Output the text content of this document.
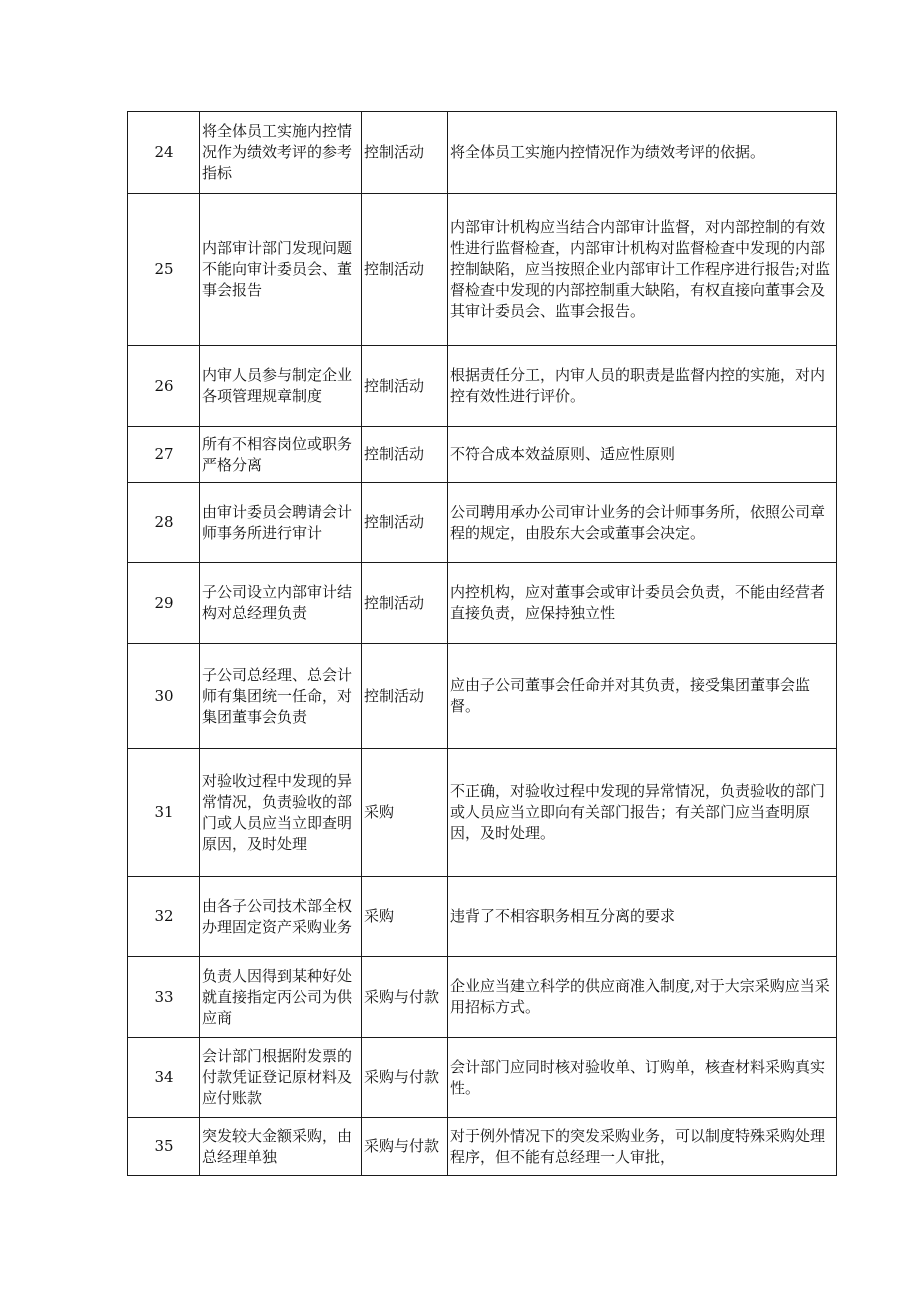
24	将全体员工实施内控情况作为绩效考评的参考指标	控制活动	将全体员工实施内控情况作为绩效考评的依据。
25	内部审计部门发现问题不能向审计委员会、董事会报告	控制活动	内部审计机构应当结合内部审计监督，对内部控制的有效性进行监督检查，内部审计机构对监督检查中发现的内部控制缺陷，应当按照企业内部审计工作程序进行报告;对监督检查中发现的内部控制重大缺陷，有权直接向董事会及其审计委员会、监事会报告。
26	内审人员参与制定企业各项管理规章制度	控制活动	根据责任分工，内审人员的职责是监督内控的实施，对内控有效性进行评价。
27	所有不相容岗位或职务严格分离	控制活动	不符合成本效益原则、适应性原则
28	由审计委员会聘请会计师事务所进行审计	控制活动	公司聘用承办公司审计业务的会计师事务所，依照公司章程的规定，由股东大会或董事会决定。
29	子公司设立内部审计结构对总经理负责	控制活动	内控机构，应对董事会或审计委员会负责，不能由经营者直接负责，应保持独立性
30	子公司总经理、总会计师有集团统一任命，对集团董事会负责	控制活动	应由子公司董事会任命并对其负责，接受集团董事会监督。
31	对验收过程中发现的异常情况，负责验收的部门或人员应当立即查明原因，及时处理	采购	不正确，对验收过程中发现的异常情况，负责验收的部门或人员应当立即向有关部门报告；有关部门应当查明原因，及时处理。
32	由各子公司技术部全权办理固定资产采购业务	采购	违背了不相容职务相互分离的要求
33	负责人因得到某种好处就直接指定丙公司为供应商	采购与付款	企业应当建立科学的供应商准入制度,对于大宗采购应当采用招标方式。
34	会计部门根据附发票的付款凭证登记原材料及应付账款	采购与付款	会计部门应同时核对验收单、订购单，核查材料采购真实性。
35	突发较大金额采购，由总经理单独	采购与付款	对于例外情况下的突发采购业务，可以制度特殊采购处理程序，但不能有总经理一人审批，
